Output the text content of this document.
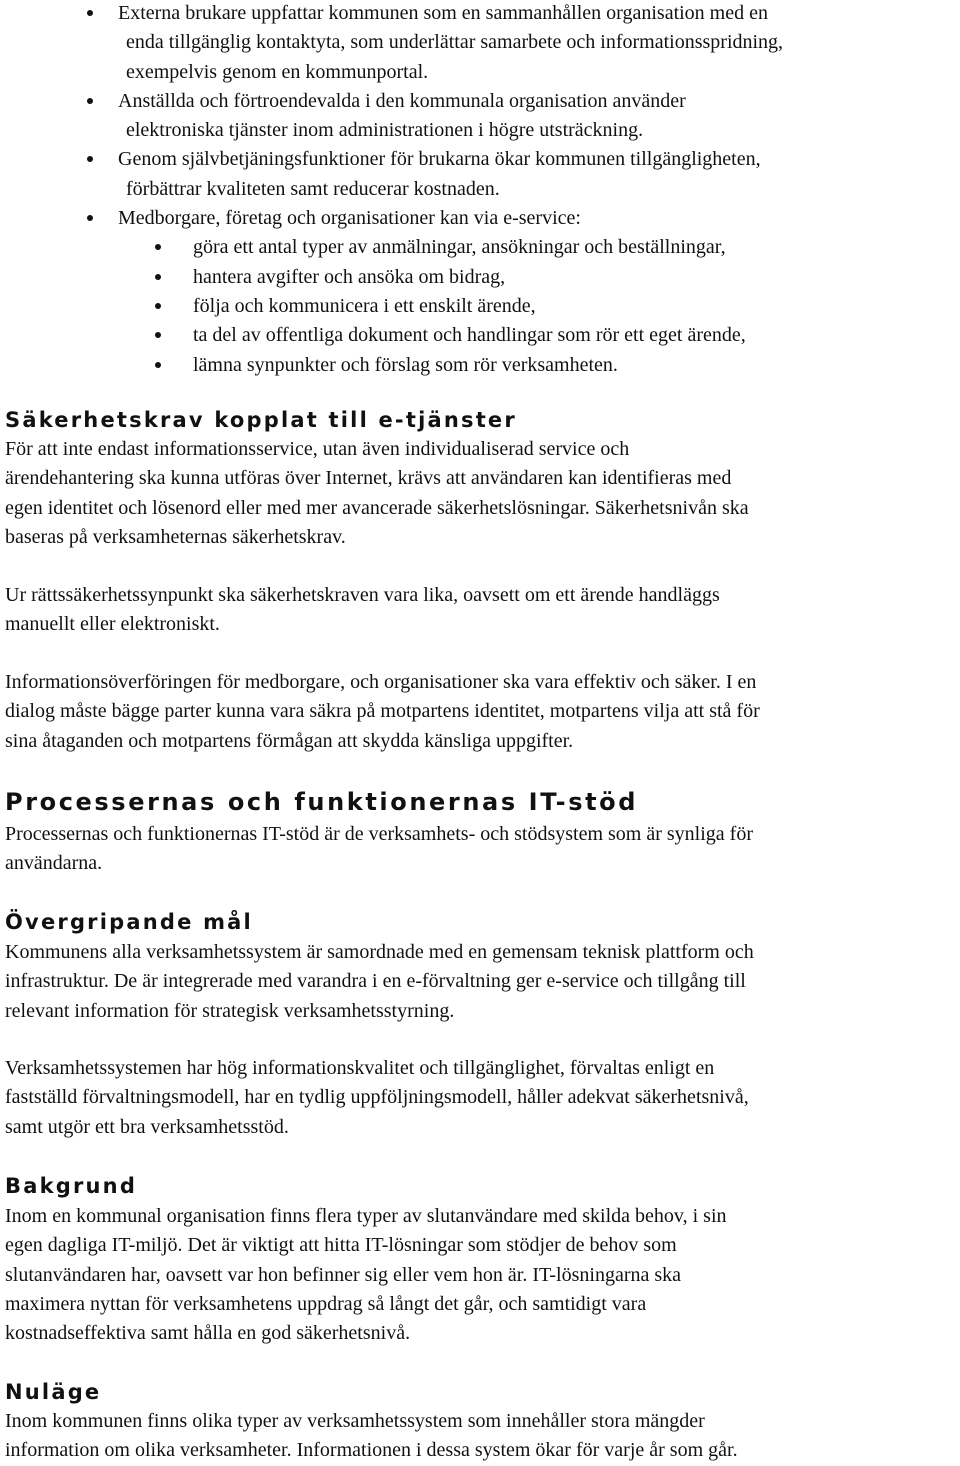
Externa brukare uppfattar kommunen som en sammanhållen organisation med en
enda tillgänglig kontaktyta, som underlättar samarbete och informationsspridning,
exempelvis genom en kommunportal.
Anställda och förtroendevalda i den kommunala organisation använder
elektroniska tjänster inom administrationen i högre utsträckning.
Genom självbetjäningsfunktioner för brukarna ökar kommunen tillgängligheten,
förbättrar kvaliteten samt reducerar kostnaden.
Medborgare, företag och organisationer kan via e-service:
göra ett antal typer av anmälningar, ansökningar och beställningar,
hantera avgifter och ansöka om bidrag,
följa och kommunicera i ett enskilt ärende,
ta del av offentliga dokument och handlingar som rör ett eget ärende,
lämna synpunkter och förslag som rör verksamheten.
Säkerhetskrav kopplat till e-tjänster
För att inte endast informationsservice, utan även individualiserad service och
ärendehantering ska kunna utföras över Internet, krävs att användaren kan identifieras med
egen identitet och lösenord eller med mer avancerade säkerhetslösningar. Säkerhetsnivån ska
baseras på verksamheternas säkerhetskrav.
Ur rättssäkerhetssynpunkt ska säkerhetskraven vara lika, oavsett om ett ärende handläggs
manuellt eller elektroniskt.
Informationsöverföringen för medborgare, och organisationer ska vara effektiv och säker. I en
dialog måste bägge parter kunna vara säkra på motpartens identitet, motpartens vilja att stå för
sina åtaganden och motpartens förmågan att skydda känsliga uppgifter.
Processernas och funktionernas IT-stöd
Processernas och funktionernas IT-stöd är de verksamhets- och stödsystem som är synliga för
användarna.
Övergripande mål
Kommunens alla verksamhetssystem är samordnade med en gemensam teknisk plattform och
infrastruktur. De är integrerade med varandra i en e-förvaltning ger e-service och tillgång till
relevant information för strategisk verksamhetsstyrning.
Verksamhetssystemen har hög informationskvalitet och tillgänglighet, förvaltas enligt en
fastställd förvaltningsmodell, har en tydlig uppföljningsmodell, håller adekvat säkerhetsnivå,
samt utgör ett bra verksamhetsstöd.
Bakgrund
Inom en kommunal organisation finns flera typer av slutanvändare med skilda behov, i sin
egen dagliga IT-miljö. Det är viktigt att hitta IT-lösningar som stödjer de behov som
slutanvändaren har, oavsett var hon befinner sig eller vem hon är. IT-lösningarna ska
maximera nyttan för verksamhetens uppdrag så långt det går, och samtidigt vara
kostnadseffektiva samt hålla en god säkerhetsnivå.
Nuläge
Inom kommunen finns olika typer av verksamhetssystem som innehåller stora mängder
information om olika verksamheter. Informationen i dessa system ökar för varje år som går.
